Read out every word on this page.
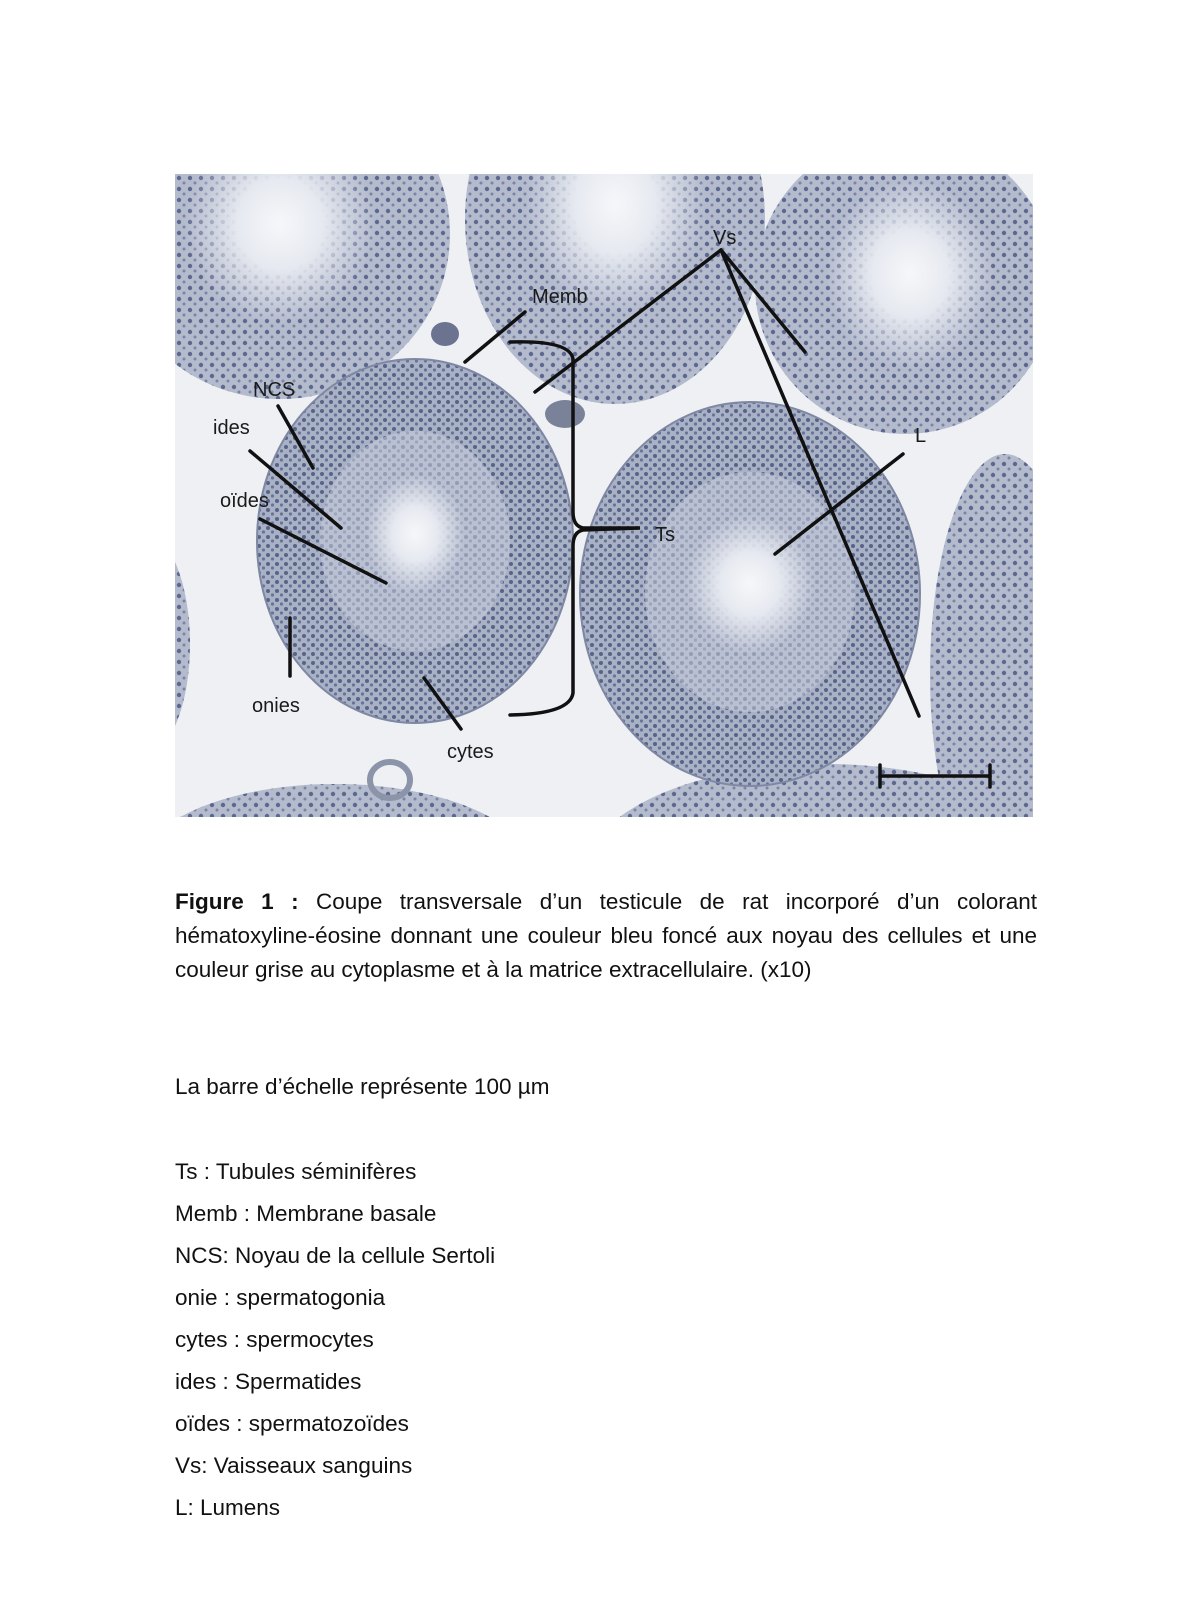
Vs
Memb
NCS
ides
oïdes
Ts
L
onies
cytes

Figure 1 : Coupe transversale d’un testicule de rat incorporé d’un colorant hématoxyline-éosine donnant une couleur bleu foncé aux noyau des cellules et une couleur grise au cytoplasme et à la matrice extracellulaire. (x10)

La barre d’échelle représente 100 µm

Ts : Tubules séminifères
Memb : Membrane basale
NCS: Noyau de la cellule Sertoli
onie : spermatogonia
cytes : spermocytes
ides : Spermatides
oïdes : spermatozoïdes
Vs: Vaisseaux sanguins
L: Lumens
